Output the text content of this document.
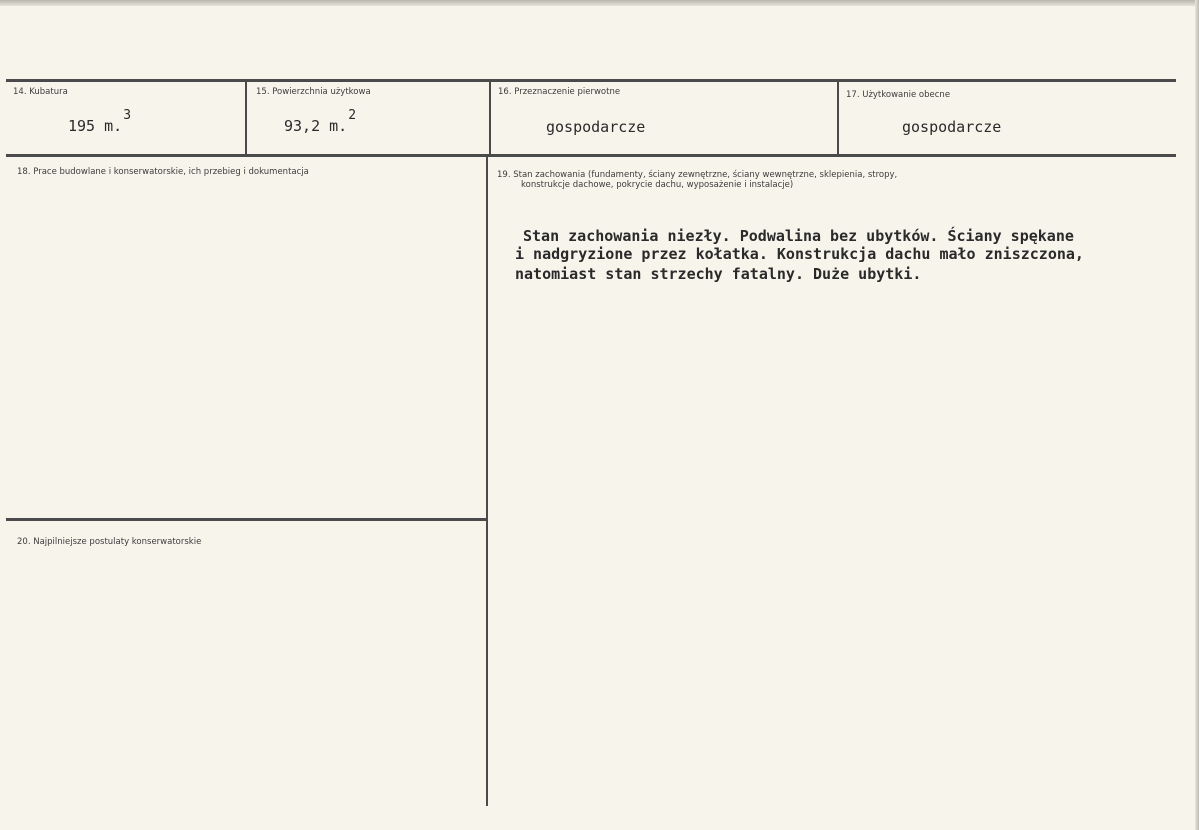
14. Kubatura
195 m.3
15. Powierzchnia użytkowa
93,2 m.2
16. Przeznaczenie pierwotne
gospodarcze
17. Użytkowanie obecne
gospodarcze
18. Prace budowlane i konserwatorskie, ich przebieg i dokumentacja	19. Stan zachowania (fundamenty, ściany zewnętrzne, ściany wewnętrzne, sklepienia, stropy,
konstrukcje dachowe, pokrycie dachu, wyposażenie i instalacje)
Stan zachowania niezły. Podwalina bez ubytków. Ściany spękane
i nadgryzione przez kołatka. Konstrukcja dachu mało zniszczona,
natomiast stan strzechy fatalny. Duże ubytki.
20. Najpilniejsze postulaty konserwatorskie
